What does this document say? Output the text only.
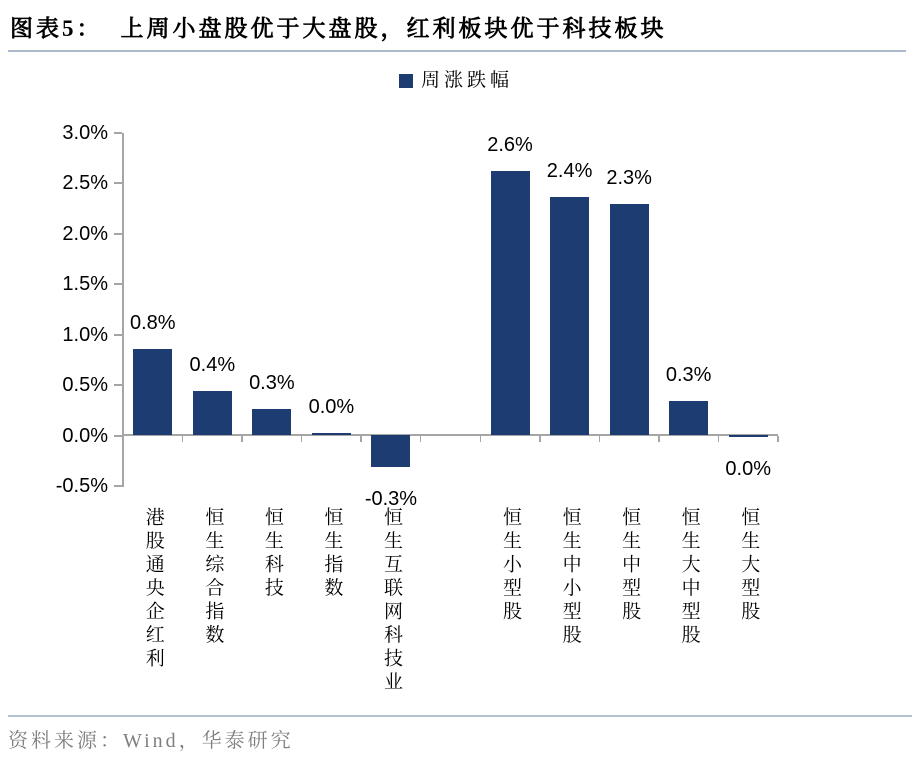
图表5： 上周小盘股优于大盘股，红利板块优于科技板块
周涨跌幅
3.0%
2.5%
2.0%
1.5%
1.0%
0.5%
0.0%
-0.5%
0.8%
港股通央企红利
0.4%
恒生综合指数
0.3%
恒生科技
0.0%
恒生指数
-0.3%
恒生互联网科技业
2.6%
恒生小型股
2.4%
恒生中小型股
2.3%
恒生中型股
0.3%
恒生大中型股
0.0%
恒生大型股
资料来源：Wind，华泰研究
